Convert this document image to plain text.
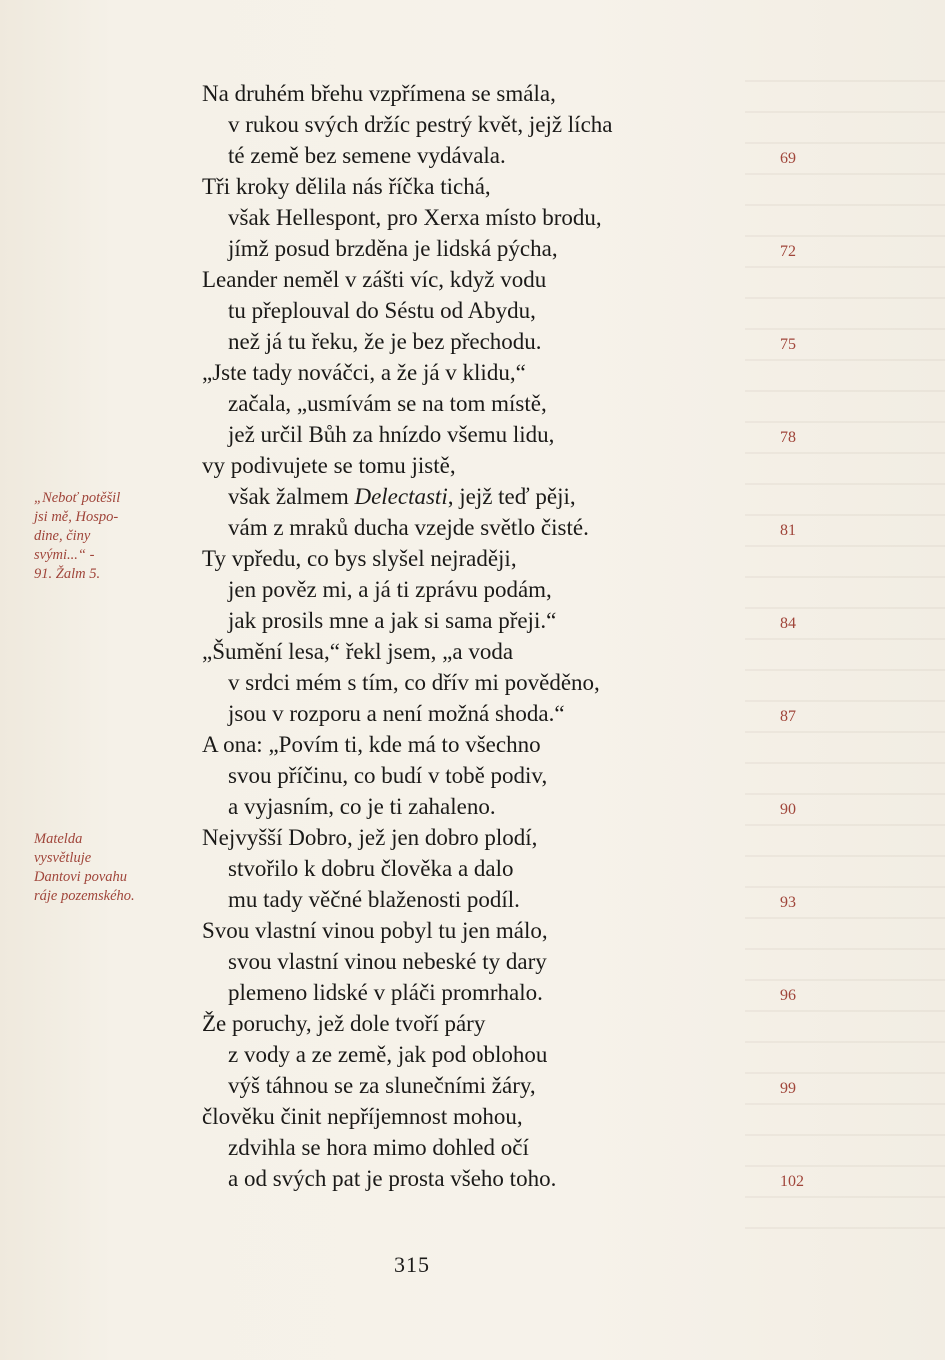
Na druhém břehu vzpřímena se smála,
v rukou svých držíc pestrý květ, jejž lícha
té země bez semene vydávala.
Tři kroky dělila nás říčka tichá,
však Hellespont, pro Xerxa místo brodu,
jímž posud brzděna je lidská pýcha,
Leander neměl v zášti víc, když vodu
tu přeplouval do Séstu od Abydu,
než já tu řeku, že je bez přechodu.
„Jste tady nováčci, a že já v klidu,“
začala, „usmívám se na tom místě,
jež určil Bůh za hnízdo všemu lidu,
vy podivujete se tomu jistě,
však žalmem Delectasti, jejž teď pěji,
vám z mraků ducha vzejde světlo čisté.
Ty vpředu, co bys slyšel nejraději,
jen pověz mi, a já ti zprávu podám,
jak prosils mne a jak si sama přeji.“
„Šumění lesa,“ řekl jsem, „a voda
v srdci mém s tím, co dřív mi pověděno,
jsou v rozporu a není možná shoda.“
A ona: „Povím ti, kde má to všechno
svou příčinu, co budí v tobě podiv,
a vyjasním, co je ti zahaleno.
Nejvyšší Dobro, jež jen dobro plodí,
stvořilo k dobru člověka a dalo
mu tady věčné blaženosti podíl.
Svou vlastní vinou pobyl tu jen málo,
svou vlastní vinou nebeské ty dary
plemeno lidské v pláči promrhalo.
Že poruchy, jež dole tvoří páry
z vody a ze země, jak pod oblohou
výš táhnou se za slunečními žáry,
člověku činit nepříjemnost mohou,
zdvihla se hora mimo dohled očí
a od svých pat je prosta všeho toho.
69
72
75
78
81
84
87
90
93
96
99
102
„Neboť potěšil
jsi mě, Hospo-
dine, činy
svými...“ -
91. Žalm 5.
Matelda
vysvětluje
Dantovi povahu
ráje pozemského.
315
